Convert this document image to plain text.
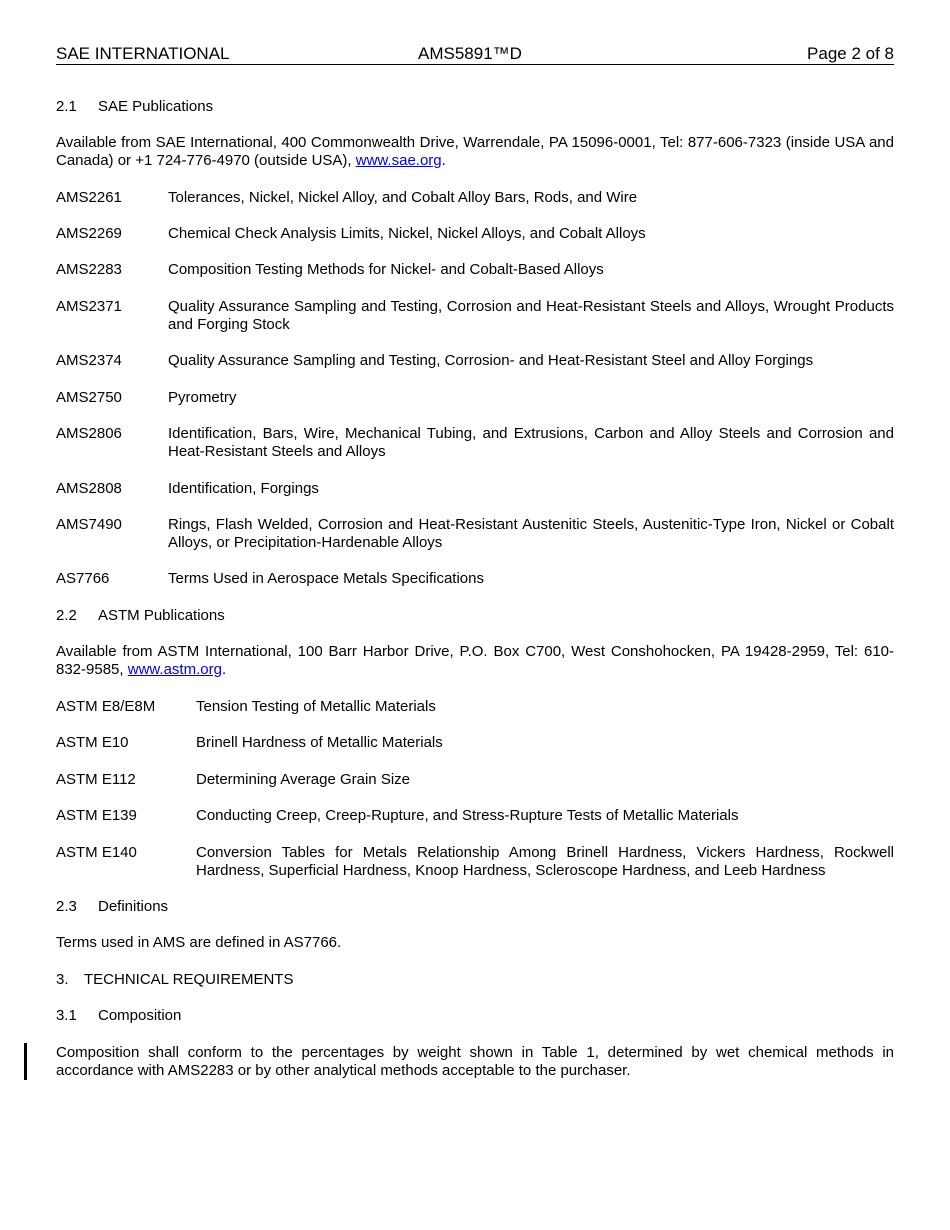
SAE INTERNATIONAL	AMS5891™D	Page 2 of 8
2.1 SAE Publications
Available from SAE International, 400 Commonwealth Drive, Warrendale, PA 15096-0001, Tel: 877-606-7323 (inside USA and Canada) or +1 724-776-4970 (outside USA), www.sae.org.
AMS2261	Tolerances, Nickel, Nickel Alloy, and Cobalt Alloy Bars, Rods, and Wire
AMS2269	Chemical Check Analysis Limits, Nickel, Nickel Alloys, and Cobalt Alloys
AMS2283	Composition Testing Methods for Nickel- and Cobalt-Based Alloys
AMS2371	Quality Assurance Sampling and Testing, Corrosion and Heat-Resistant Steels and Alloys, Wrought Products and Forging Stock
AMS2374	Quality Assurance Sampling and Testing, Corrosion- and Heat-Resistant Steel and Alloy Forgings
AMS2750	Pyrometry
AMS2806	Identification, Bars, Wire, Mechanical Tubing, and Extrusions, Carbon and Alloy Steels and Corrosion and Heat-Resistant Steels and Alloys
AMS2808	Identification, Forgings
AMS7490	Rings, Flash Welded, Corrosion and Heat-Resistant Austenitic Steels, Austenitic-Type Iron, Nickel or Cobalt Alloys, or Precipitation-Hardenable Alloys
AS7766	Terms Used in Aerospace Metals Specifications
2.2 ASTM Publications
Available from ASTM International, 100 Barr Harbor Drive, P.O. Box C700, West Conshohocken, PA 19428-2959, Tel: 610-832-9585, www.astm.org.
ASTM E8/E8M	Tension Testing of Metallic Materials
ASTM E10	Brinell Hardness of Metallic Materials
ASTM E112	Determining Average Grain Size
ASTM E139	Conducting Creep, Creep-Rupture, and Stress-Rupture Tests of Metallic Materials
ASTM E140	Conversion Tables for Metals Relationship Among Brinell Hardness, Vickers Hardness, Rockwell Hardness, Superficial Hardness, Knoop Hardness, Scleroscope Hardness, and Leeb Hardness
2.3 Definitions
Terms used in AMS are defined in AS7766.
3. TECHNICAL REQUIREMENTS
3.1 Composition
Composition shall conform to the percentages by weight shown in Table 1, determined by wet chemical methods in accordance with AMS2283 or by other analytical methods acceptable to the purchaser.
